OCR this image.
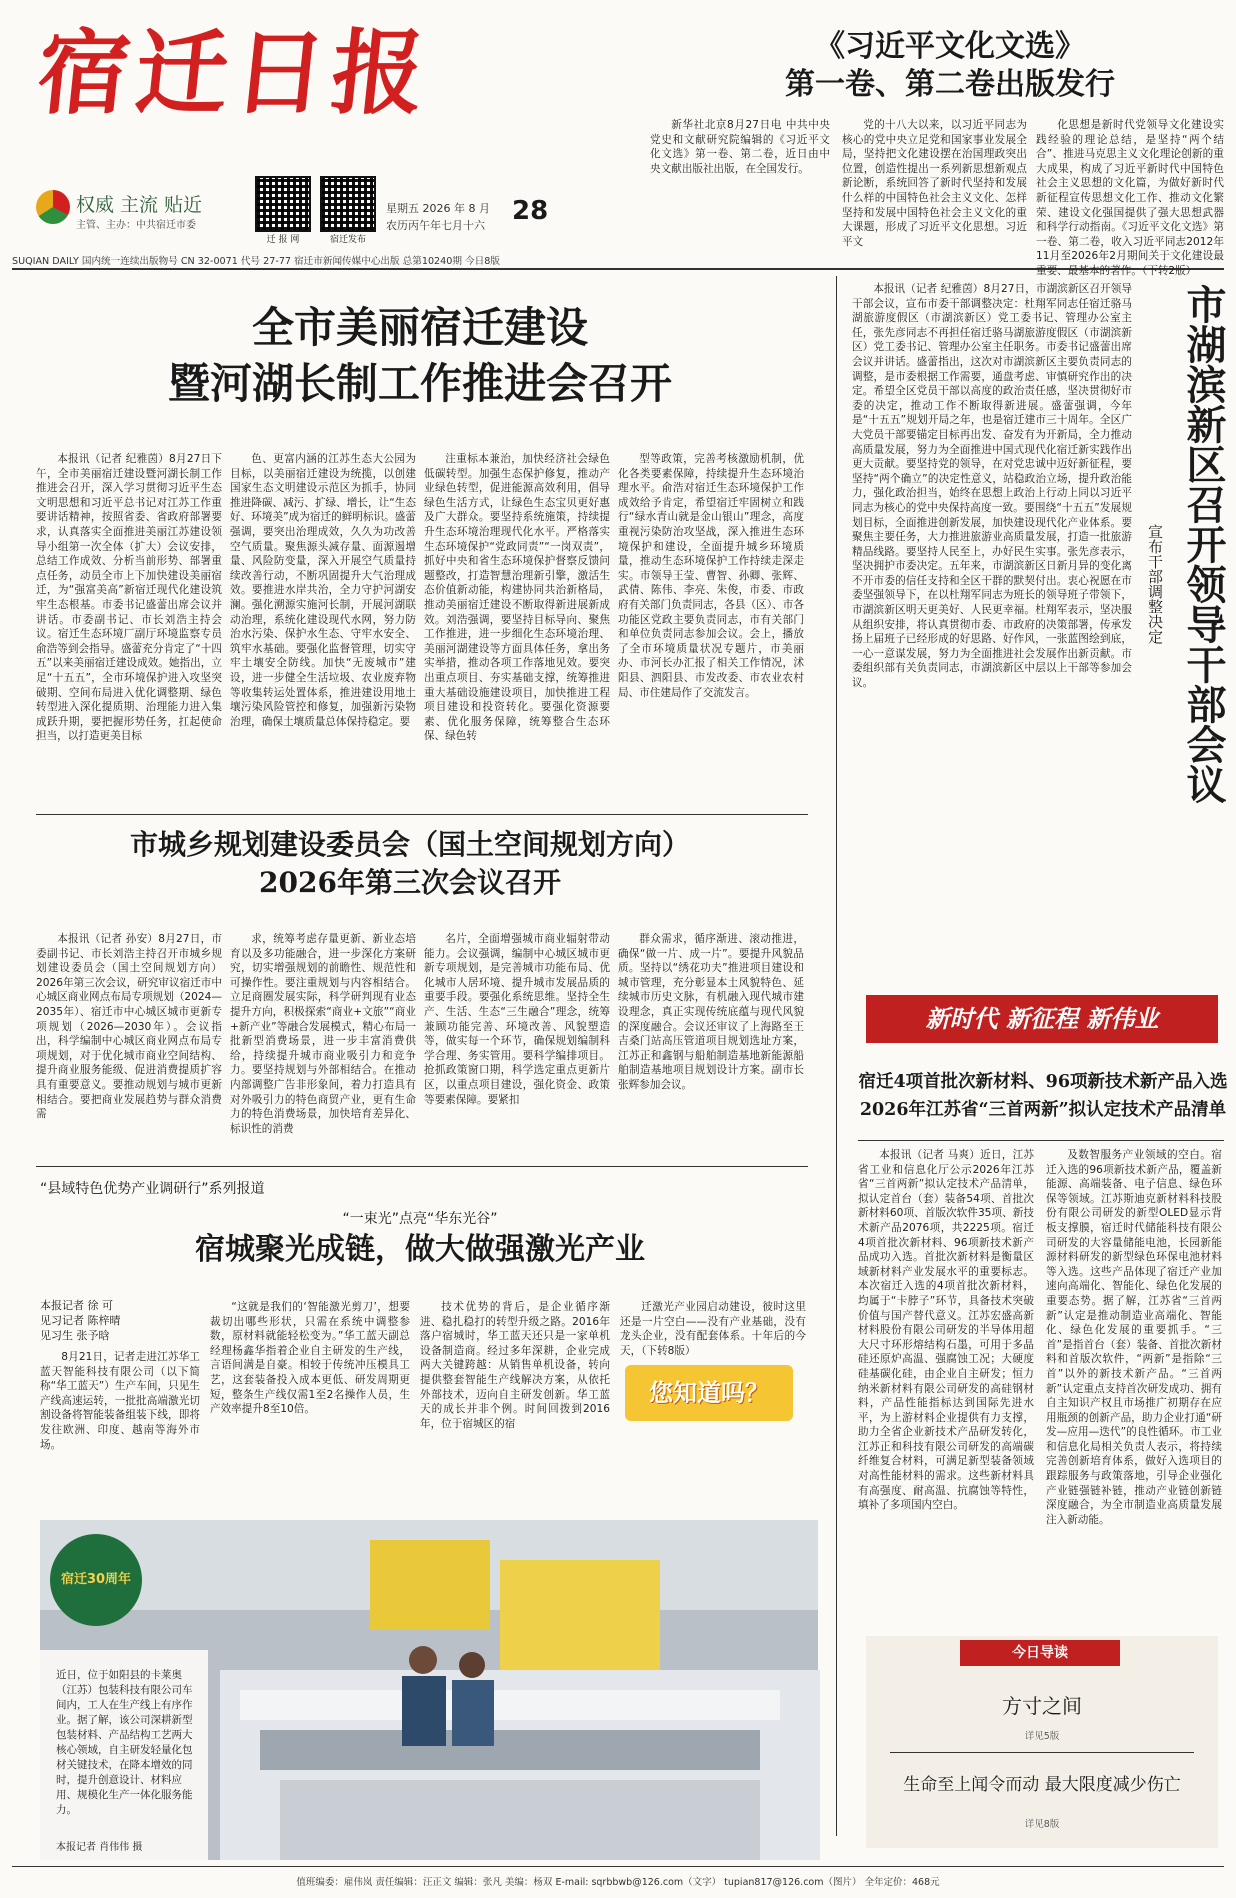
宿迁日报
权威 主流 贴近
主管、主办：中共宿迁市委
迁 报 网	宿迁发布
星期五 2026 年 8 月
农历丙午年七月十六 28
SUQIAN DAILY 国内统一连续出版物号 CN 32-0071 代号 27-77 宿迁市新闻传媒中心出版 总第10240期 今日8版
《习近平文化文选》
第一卷、第二卷出版发行

新华社北京8月27日电 中共中央党史和文献研究院编辑的《习近平文化文选》第一卷、第二卷，近日由中央文献出版社出版，在全国发行。

党的十八大以来，以习近平同志为核心的党中央立足党和国家事业发展全局，坚持把文化建设摆在治国理政突出位置，创造性提出一系列新思想新观点新论断，系统回答了新时代坚持和发展什么样的中国特色社会主义文化、怎样坚持和发展中国特色社会主义文化的重大课题，形成了习近平文化思想。习近平文

化思想是新时代党领导文化建设实践经验的理论总结，是坚持“两个结合”、推进马克思主义文化理论创新的重大成果，构成了习近平新时代中国特色社会主义思想的文化篇，为做好新时代新征程宣传思想文化工作、推动文化繁荣、建设文化强国提供了强大思想武器和科学行动指南。《习近平文化文选》第一卷、第二卷，收入习近平同志2012年11月至2026年2月期间关于文化建设最重要、最基本的著作。（下转2版）

全市美丽宿迁建设
暨河湖长制工作推进会召开

本报讯（记者 纪雅茵）8月27日下午，全市美丽宿迁建设暨河湖长制工作推进会召开，深入学习贯彻习近平生态文明思想和习近平总书记对江苏工作重要讲话精神，按照省委、省政府部署要求，认真落实全面推进美丽江苏建设领导小组第一次全体（扩大）会议安排，总结工作成效、分析当前形势、部署重点任务，动员全市上下加快建设美丽宿迁，为“强富美高”新宿迁现代化建设筑牢生态根基。市委书记盛蕾出席会议并讲话。市委副书记、市长刘浩主持会议。宿迁生态环境厂副厅环境监察专员俞浩等到会指导。盛蕾充分肯定了“十四五”以来美丽宿迁建设成效。她指出，立足“十五五”，全市环境保护进入攻坚突破期、空间布局进入优化调整期、绿色转型进入深化提质期、治理能力进入集成跃升期，要把握形势任务，扛起使命担当，以打造更美目标

色、更富内涵的江苏生态大公园为目标，以美丽宿迁建设为统揽，以创建国家生态文明建设示范区为抓手，协同推进降碳、减污、扩绿、增长，让“生态好、环境美”成为宿迁的鲜明标识。盛蕾强调，要突出治理成效，久久为功改善空气质量。聚焦源头减存量、面源遏增量、风险防变量，深入开展空气质量持续改善行动，不断巩固提升大气治理成效。要推进水岸共治，全力守护河湖安澜。强化溯源实施河长制，开展河湖联动治理，系统化建设现代水网，努力防治水污染、保护水生态、守牢水安全、筑牢水基础。要强化监督管理，切实守牢土壤安全防线。加快“无废城市”建设，进一步健全生活垃圾、农业废弃物等收集转运处置体系，推进建设用地土壤污染风险管控和修复，加强新污染物治理，确保土壤质量总体保持稳定。要

注重标本兼治，加快经济社会绿色低碳转型。加强生态保护修复，推动产业绿色转型，促进能源高效利用，倡导绿色生活方式，让绿色生态宝贝更好惠及广大群众。要坚持系统施策，持续提升生态环境治理现代化水平。严格落实生态环境保护“党政同责”“一岗双责”，抓好中央和省生态环境保护督察反馈问题整改，打造智慧治理新引擎，激活生态价值新动能，构建协同共治新格局，推动美丽宿迁建设不断取得新进展新成效。刘浩强调，要坚持目标导向、聚焦工作推进，进一步细化生态环境治理、美丽河湖建设等方面具体任务，拿出务实举措，推动各项工作落地见效。要突出重点项目、夯实基础支撑，统筹推进重大基础设施建设项目，加快推进工程项目建设和投资转化。要强化资源要素、优化服务保障，统筹整合生态环保、绿色转

型等政策，完善考核激励机制，优化各类要素保障，持续提升生态环境治理水平。俞浩对宿迁生态环境保护工作成效给予肯定，希望宿迁牢固树立和践行“绿水青山就是金山银山”理念，高度重视污染防治攻坚战，深入推进生态环境保护和建设，全面提升城乡环境质量，推动生态环境保护工作持续走深走实。市领导王莹、曹智、孙卿、张辉、武倩、陈伟、李亮、朱俊，市委、市政府有关部门负责同志，各县（区）、市各功能区党政主要负责同志，市有关部门和单位负责同志参加会议。会上，播放了全市环境质量状况专题片，市美丽办、市河长办汇报了相关工作情况，沭阳县、泗阳县、市发改委、市农业农村局、市住建局作了交流发言。

市城乡规划建设委员会（国土空间规划方向）
2026年第三次会议召开

本报讯（记者 孙安）8月27日，市委副书记、市长刘浩主持召开市城乡规划建设委员会（国土空间规划方向）2026年第三次会议，研究审议宿迁市中心城区商业网点布局专项规划（2024—2035年）、宿迁市中心城区城市更新专项规划（2026—2030年）。会议指出，科学编制中心城区商业网点布局专项规划，对于优化城市商业空间结构、提升商业服务能级、促进消费提质扩容具有重要意义。要推动规划与城市更新相结合。要把商业发展趋势与群众消费需

求，统筹考虑存量更新、新业态培育以及多功能融合，进一步深化方案研究，切实增强规划的前瞻性、规范性和可操作性。要注重规划与内容相结合。立足商圈发展实际，科学研判现有业态提升方向，积极探索“商业+文旅”“商业+新产业”等融合发展模式，精心布局一批新型消费场景，进一步丰富消费供给，持续提升城市商业吸引力和竞争力。要坚持规划与外部相结合。在推动内部调整广告非形象间，着力打造具有对外吸引力的特色商贸产业，更有生命力的特色消费场景，加快培育差异化、标识性的消费

名片，全面增强城市商业辐射带动能力。会议强调，编制中心城区城市更新专项规划，是完善城市功能布局、优化城市人居环境、提升城市发展品质的重要手段。要强化系统思维。坚持全生产、生活、生态“三生融合”理念，统筹兼顾功能完善、环境改善、风貌塑造等，做实每一个环节，确保规划编制科学合理、务实管用。要科学编排项目。抢抓政策窗口期，科学选定重点更新片区，以重点项目建设，强化资金、政策等要素保障。要紧扣

群众需求，循序渐进、滚动推进，确保“做一片、成一片”。要提升风貌品质。坚持以“绣花功夫”推进项目建设和城市管理，充分彰显本土风貌特色、延续城市历史文脉，有机融入现代城市建设理念，真正实现传统底蕴与现代风貌的深度融合。会议还审议了上海路至王吉桑门站高压管道项目规划选址方案，江苏正和鑫钢与船舶制造基地新能源船舶制造基地项目规划设计方案。副市长张辉参加会议。

本报讯（记者 纪雅茵）8月27日，市湖滨新区召开领导干部会议，宣布市委干部调整决定：杜翔军同志任宿迁骆马湖旅游度假区（市湖滨新区）党工委书记、管理办公室主任，张先彦同志不再担任宿迁骆马湖旅游度假区（市湖滨新区）党工委书记、管理办公室主任职务。市委书记盛蕾出席会议并讲话。盛蕾指出，这次对市湖滨新区主要负责同志的调整，是市委根据工作需要，通盘考虑、审慎研究作出的决定。希望全区党员干部以高度的政治责任感，坚决贯彻好市委的决定，推动工作不断取得新进展。盛蕾强调，今年是“十五五”规划开局之年，也是宿迁建市三十周年。全区广大党员干部要锚定目标再出发、奋发有为开新局，全力推动高质量发展，努力为全面推进中国式现代化宿迁新实践作出更大贡献。要坚持党的领导，在对党忠诚中迈好新征程，要坚持“两个确立”的决定性意义，站稳政治立场，提升政治能力，强化政治担当，始终在思想上政治上行动上同以习近平同志为核心的党中央保持高度一致。要围绕“十五五”发展规划目标，全面推进创新发展，加快建设现代化产业体系。要聚焦主要任务，大力推进旅游业高质量发展，打造一批旅游精品线路。要坚持人民至上，办好民生实事。张先彦表示，坚决拥护市委决定。五年来，市湖滨新区日新月异的变化离不开市委的信任支持和全区干群的默契付出。衷心祝愿在市委坚强领导下，在以杜翔军同志为班长的领导班子带领下，市湖滨新区明天更美好、人民更幸福。杜翔军表示，坚决服从组织安排，将认真贯彻市委、市政府的决策部署，传承发扬上届班子已经形成的好思路、好作风，一张蓝图绘到底，一心一意谋发展，努力为全面推进社会发展作出新贡献。市委组织部有关负责同志，市湖滨新区中层以上干部等参加会议。	市湖滨新区召开领导干部会议
宣布干部调整决定
新时代 新征程 新伟业
宿迁4项首批次新材料、96项新技术新产品入选
2026年江苏省“三首两新”拟认定技术产品清单

本报讯（记者 马爽）近日，江苏省工业和信息化厅公示2026年江苏省“三首两新”拟认定技术产品清单，拟认定首台（套）装备54项、首批次新材料60项、首版次软件35项、新技术新产品2076项，共2225项。宿迁4项首批次新材料、96项新技术新产品成功入选。首批次新材料是衡量区域新材料产业发展水平的重要标志。本次宿迁入选的4项首批次新材料，均属于“卡脖子”环节，具备技术突破价值与国产替代意义。江苏宏盛高新材料股份有限公司研发的半导体用超大尺寸环形熔结构石墨，可用于多晶硅还原炉高温、强腐蚀工况；大硬度硅基碳化硅，由企业自主研发；恒力纳米新材料有限公司研发的高硅钢材料，产品性能指标达到国际先进水平，为上游材料企业提供有力支撑，助力全省企业新技术产品研发转化，江苏正和科技有限公司研发的高端碳纤维复合材料，可满足新型装备领域对高性能材料的需求。这些新材料具有高强度、耐高温、抗腐蚀等特性，填补了多项国内空白。

及数智服务产业领域的空白。宿迁入选的96项新技术新产品，覆盖新能源、高端装备、电子信息、绿色环保等领域。江苏斯迪克新材料科技股份有限公司研发的新型OLED显示背板支撑膜，宿迁时代储能科技有限公司研发的大容量储能电池，长园新能源材料研发的新型绿色环保电池材料等入选。这些产品体现了宿迁产业加速向高端化、智能化、绿色化发展的重要态势。据了解，江苏省“三首两新”认定是推动制造业高端化、智能化、绿色化发展的重要抓手。“三首”是指首台（套）装备、首批次新材料和首版次软件，“两新”是指除“三首”以外的新技术新产品。“三首两新”认定重点支持首次研发成功、拥有自主知识产权且市场推广初期存在应用瓶颈的创新产品，助力企业打通“研发—应用—迭代”的良性循环。市工业和信息化局相关负责人表示，将持续完善创新培育体系，做好入选项目的跟踪服务与政策落地，引导企业强化产业链强链补链，推动产业链创新链深度融合，为全市制造业高质量发展注入新动能。

“县域特色优势产业调研行”系列报道
“一束光”点亮“华东光谷”
宿城聚光成链，做大做强激光产业
本报记者 徐 可
见习记者 陈梓晴
见习生 张予晗

8月21日，记者走进江苏华工蓝天智能科技有限公司（以下简称“华工蓝天”）生产车间，只见生产线高速运转，一批批高端激光切割设备将智能装备组装下线，即将发往欧洲、印度、越南等海外市场。

“这就是我们的‘智能激光剪刀’，想要裁切出哪些形状，只需在系统中调整参数，原材料就能轻松变为。”华工蓝天副总经理杨鑫华指着企业自主研发的生产线，言语间满是自豪。相较于传统冲压模具工艺，这套装备投入成本更低、研发周期更短，整条生产线仅需1至2名操作人员，生产效率提升8至10倍。

技术优势的背后，是企业循序渐进、稳扎稳打的转型升级之路。2016年落户宿城时，华工蓝天还只是一家单机设备制造商。经过多年深耕，企业完成两大关键跨越：从销售单机设备，转向提供整套智能生产线解决方案，从依托外部技术，迈向自主研发创新。华工蓝天的成长并非个例。时间回拨到2016年，位于宿城区的宿

迁激光产业园启动建设，彼时这里还是一片空白——没有产业基础，没有龙头企业，没有配套体系。十年后的今天，（下转8版）

您知道吗？
宿迁30周年
近日，位于如阳县的卡莱奥（江苏）包装科技有限公司车间内，工人在生产线上有序作业。据了解，该公司深耕新型包装材料、产品结构工艺两大核心领域，自主研发轻量化包材关键技术，在降本增效的同时，提升创意设计、材料应用、规模化生产一体化服务能力。
本报记者 肖伟伟 摄
今日导读
方寸之间
详见5版
生命至上闻令而动 最大限度减少伤亡
详见8版
值班编委：雇伟岚 责任编辑：汪正文 编辑：张凡 美编：杨双 E-mail: sqrbbwb@126.com（文字） tupian817@126.com（图片） 全年定价：468元
